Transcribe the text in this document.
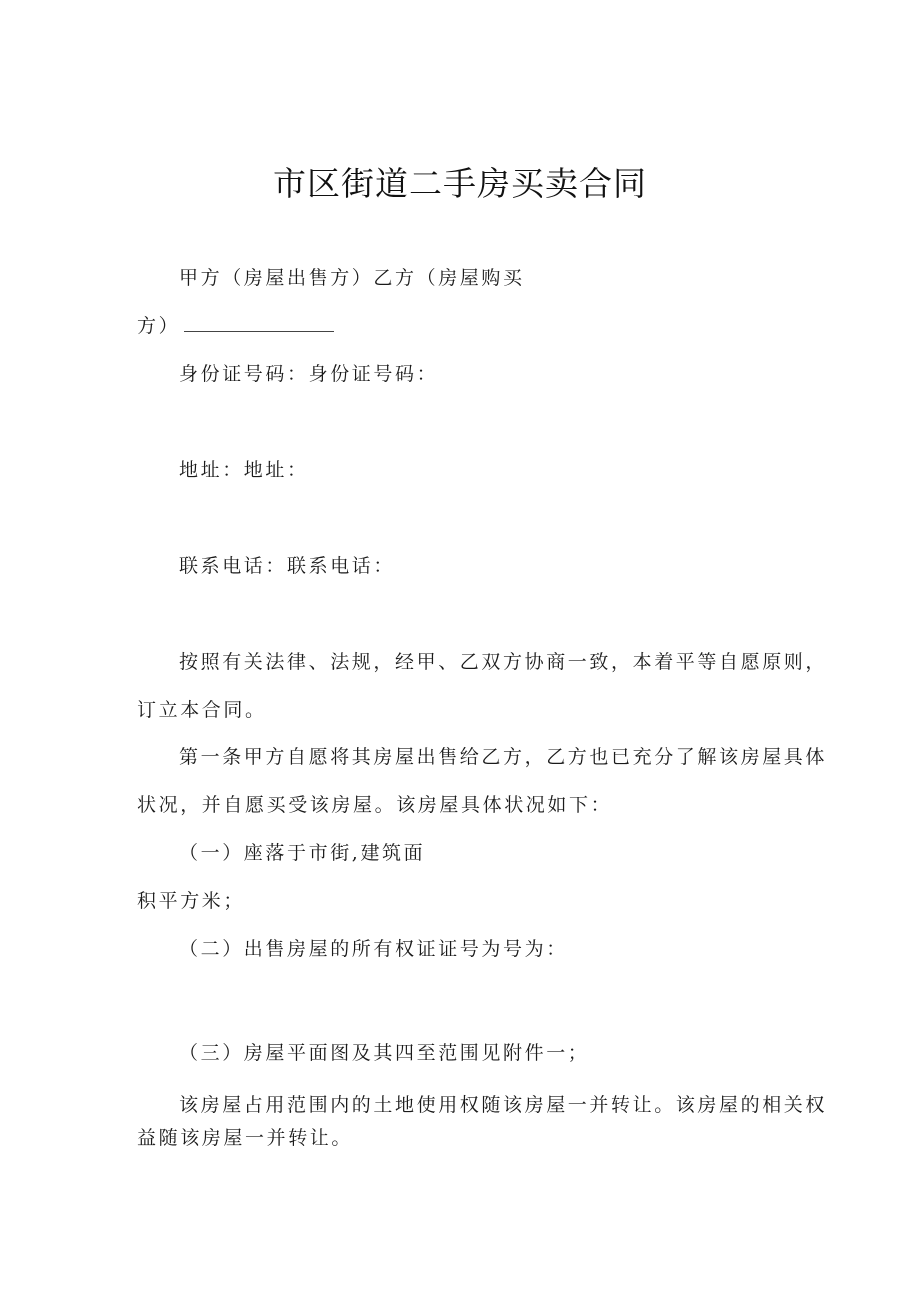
市区街道二手房买卖合同
甲方（房屋出售方）乙方（房屋购买
方）
身份证号码：身份证号码：
地址：地址：
联系电话：联系电话：
按照有关法律、法规，经甲、乙双方协商一致，本着平等自愿原则，
订立本合同。
第一条甲方自愿将其房屋出售给乙方，乙方也已充分了解该房屋具体
状况，并自愿买受该房屋。该房屋具体状况如下：
（一）座落于市街,建筑面
积平方米；
（二）出售房屋的所有权证证号为号为：
（三）房屋平面图及其四至范围见附件一；
该房屋占用范围内的土地使用权随该房屋一并转让。该房屋的相关权
益随该房屋一并转让。
